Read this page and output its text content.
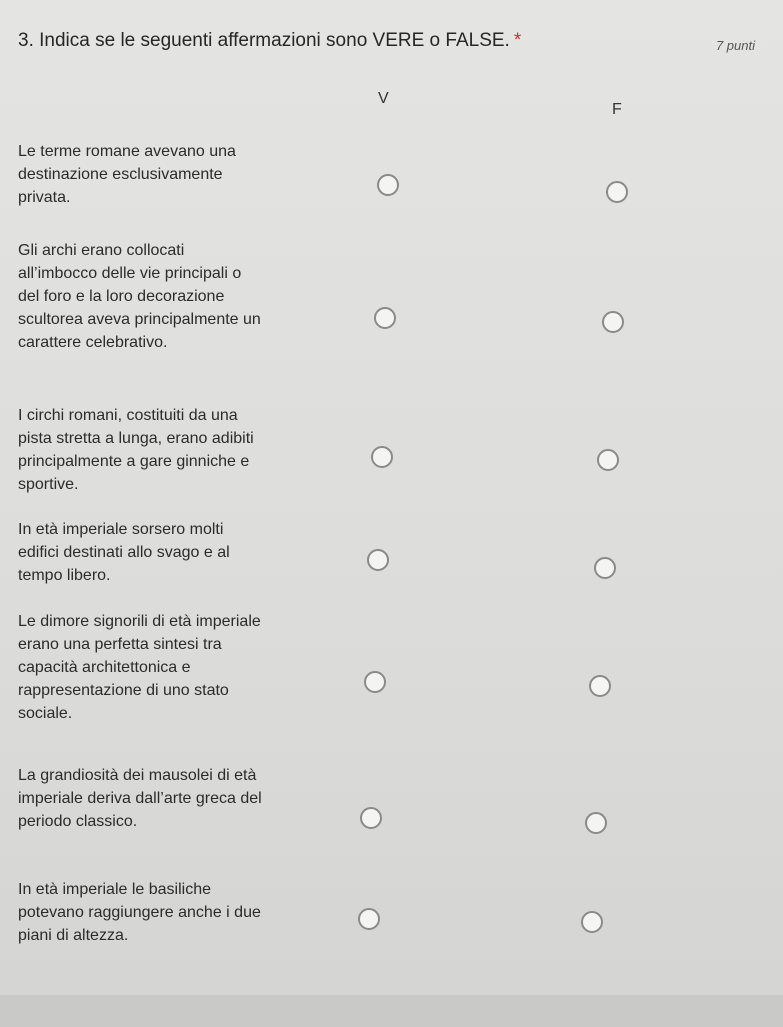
3. Indica se le seguenti affermazioni sono VERE o FALSE. *	7 punti
V
F
Le terme romane avevano una destinazione esclusivamente privata.
Gli archi erano collocati all’imbocco delle vie principali o del foro e la loro decorazione scultorea aveva principalmente un carattere celebrativo.
I circhi romani, costituiti da una pista stretta a lunga, erano adibiti principalmente a gare ginniche e sportive.
In età imperiale sorsero molti edifici destinati allo svago e al tempo libero.
Le dimore signorili di età imperiale erano una perfetta sintesi tra capacità architettonica e rappresentazione di uno stato sociale.
La grandiosità dei mausolei di età imperiale deriva dall’arte greca del periodo classico.
In età imperiale le basiliche potevano raggiungere anche i due piani di altezza.
